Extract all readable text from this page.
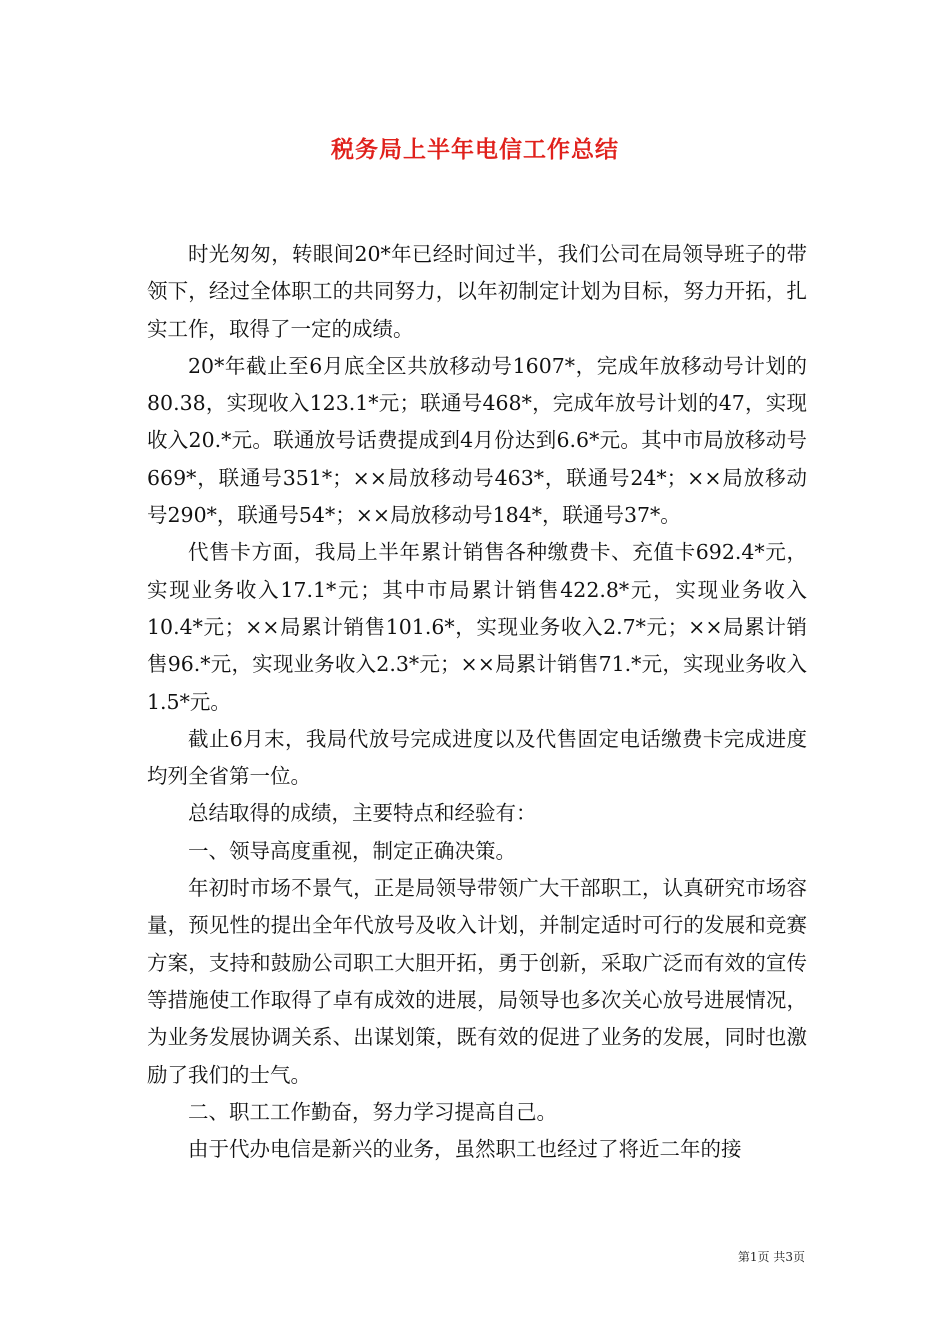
税务局上半年电信工作总结

时光匆匆，转眼间20*年已经时间过半，我们公司在局领导班子的带领下，经过全体职工的共同努力，以年初制定计划为目标，努力开拓，扎实工作，取得了一定的成绩。

20*年截止至6月底全区共放移动号1607*，完成年放移动号计划的80.38，实现收入123.1*元；联通号468*，完成年放号计划的47，实现收入20.*元。联通放号话费提成到4月份达到6.6*元。其中市局放移动号669*，联通号351*；××局放移动号463*，联通号24*；××局放移动号290*，联通号54*；××局放移动号184*，联通号37*。

代售卡方面，我局上半年累计销售各种缴费卡、充值卡692.4*元，实现业务收入17.1*元；其中市局累计销售422.8*元，实现业务收入10.4*元；××局累计销售101.6*，实现业务收入2.7*元；××局累计销售96.*元，实现业务收入2.3*元；××局累计销售71.*元，实现业务收入1.5*元。

截止6月末，我局代放号完成进度以及代售固定电话缴费卡完成进度均列全省第一位。

总结取得的成绩，主要特点和经验有：

一、领导高度重视，制定正确决策。

年初时市场不景气，正是局领导带领广大干部职工，认真研究市场容量，预见性的提出全年代放号及收入计划，并制定适时可行的发展和竞赛方案，支持和鼓励公司职工大胆开拓，勇于创新，采取广泛而有效的宣传等措施使工作取得了卓有成效的进展，局领导也多次关心放号进展情况，为业务发展协调关系、出谋划策，既有效的促进了业务的发展，同时也激励了我们的士气。

二、职工工作勤奋，努力学习提高自己。

由于代办电信是新兴的业务，虽然职工也经过了将近二年的接

第1页 共3页
